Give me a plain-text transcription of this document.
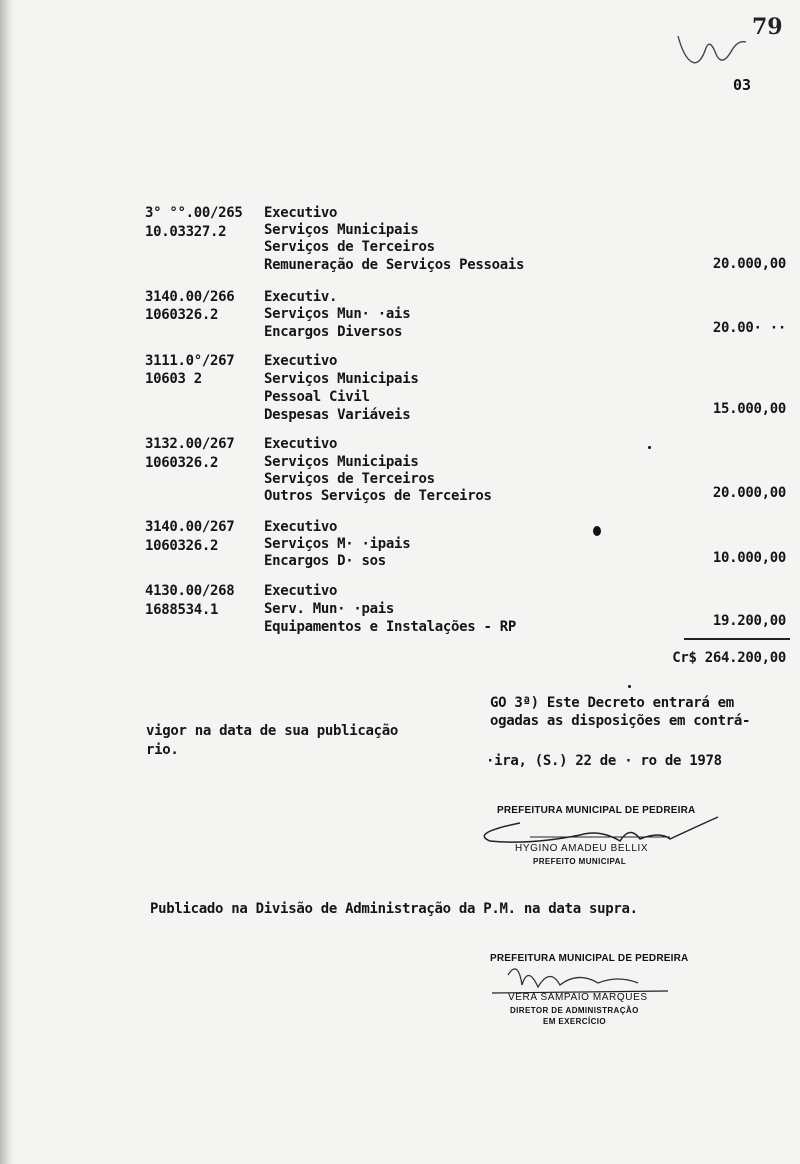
79
03
3° °°.00/265
10.03327.2
Executivo
Serviços Municipais
Serviços de Terceiros
Remuneração de Serviços Pessoais	20.000,00
3140.00/266
1060326.2
Executiv.
Serviços Mun· ·ais
Encargos Diversos	20.00· ··
3111.0°/267
10603 2
Executivo
Serviços Municipais
Pessoal Civil
Despesas Variáveis	15.000,00
3132.00/267
1060326.2
Executivo
Serviços Municipais
Serviços de Terceiros
Outros Serviços de Terceiros	20.000,00
3140.00/267
1060326.2
Executivo
Serviços M· ·ipais
Encargos D· sos	10.000,00
4130.00/268
1688534.1
Executivo
Serv. Mun· ·pais
Equipamentos e Instalações - RP	19.200,00
Cr$ 264.200,00
GO 3ª) Este Decreto entrará em
ogadas as disposições em contrá-
vigor na data de sua publicação
rio.
·ira, (S.) 22 de · ro de 1978
PREFEITURA MUNICIPAL DE PEDREIRA
HYGINO AMADEU BELLIX
PREFEITO MUNICIPAL
Publicado na Divisão de Administração da P.M. na data supra.
PREFEITURA MUNICIPAL DE PEDREIRA
VERA SAMPAIO MARQUES
DIRETOR DE ADMINISTRAÇÃO
EM EXERCÍCIO
